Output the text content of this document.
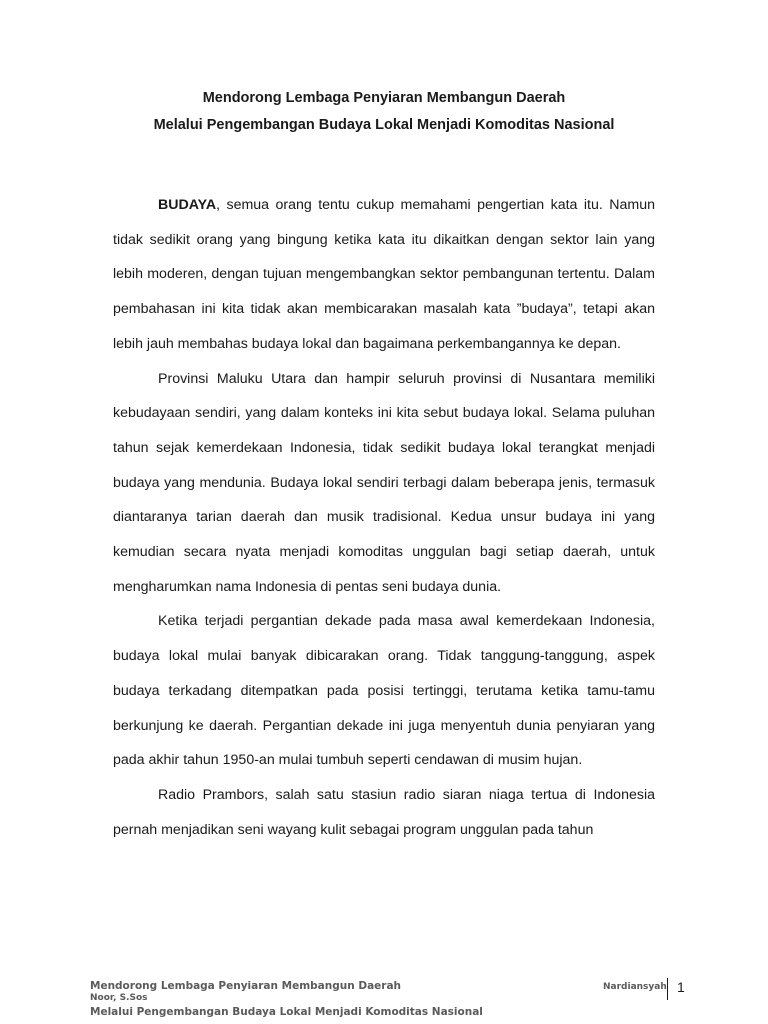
Mendorong Lembaga Penyiaran Membangun Daerah
Melalui Pengembangan Budaya Lokal Menjadi Komoditas Nasional

BUDAYA, semua orang tentu cukup memahami pengertian kata itu. Namun tidak sedikit orang yang bingung ketika kata itu dikaitkan dengan sektor lain yang lebih moderen, dengan tujuan mengembangkan sektor pembangunan tertentu. Dalam pembahasan ini kita tidak akan membicarakan masalah kata ”budaya”, tetapi akan lebih jauh membahas budaya lokal dan bagaimana perkembangannya ke depan.

Provinsi Maluku Utara dan hampir seluruh provinsi di Nusantara memiliki kebudayaan sendiri, yang dalam konteks ini kita sebut budaya lokal. Selama puluhan tahun sejak kemerdekaan Indonesia, tidak sedikit budaya lokal terangkat menjadi budaya yang mendunia. Budaya lokal sendiri terbagi dalam beberapa jenis, termasuk diantaranya tarian daerah dan musik tradisional. Kedua unsur budaya ini yang kemudian secara nyata menjadi komoditas unggulan bagi setiap daerah, untuk mengharumkan nama Indonesia di pentas seni budaya dunia.

Ketika terjadi pergantian dekade pada masa awal kemerdekaan Indonesia, budaya lokal mulai banyak dibicarakan orang. Tidak tanggung-tanggung, aspek budaya terkadang ditempatkan pada posisi tertinggi, terutama ketika tamu-tamu berkunjung ke daerah. Pergantian dekade ini juga menyentuh dunia penyiaran yang pada akhir tahun 1950-an mulai tumbuh seperti cendawan di musim hujan.

Radio Prambors, salah satu stasiun radio siaran niaga tertua di Indonesia pernah menjadikan seni wayang kulit sebagai program unggulan pada tahun

Mendorong Lembaga Penyiaran Membangun Daerah
Noor, S.Sos
Melalui Pengembangan Budaya Lokal Menjadi Komoditas Nasional
Nardiansyah 1
